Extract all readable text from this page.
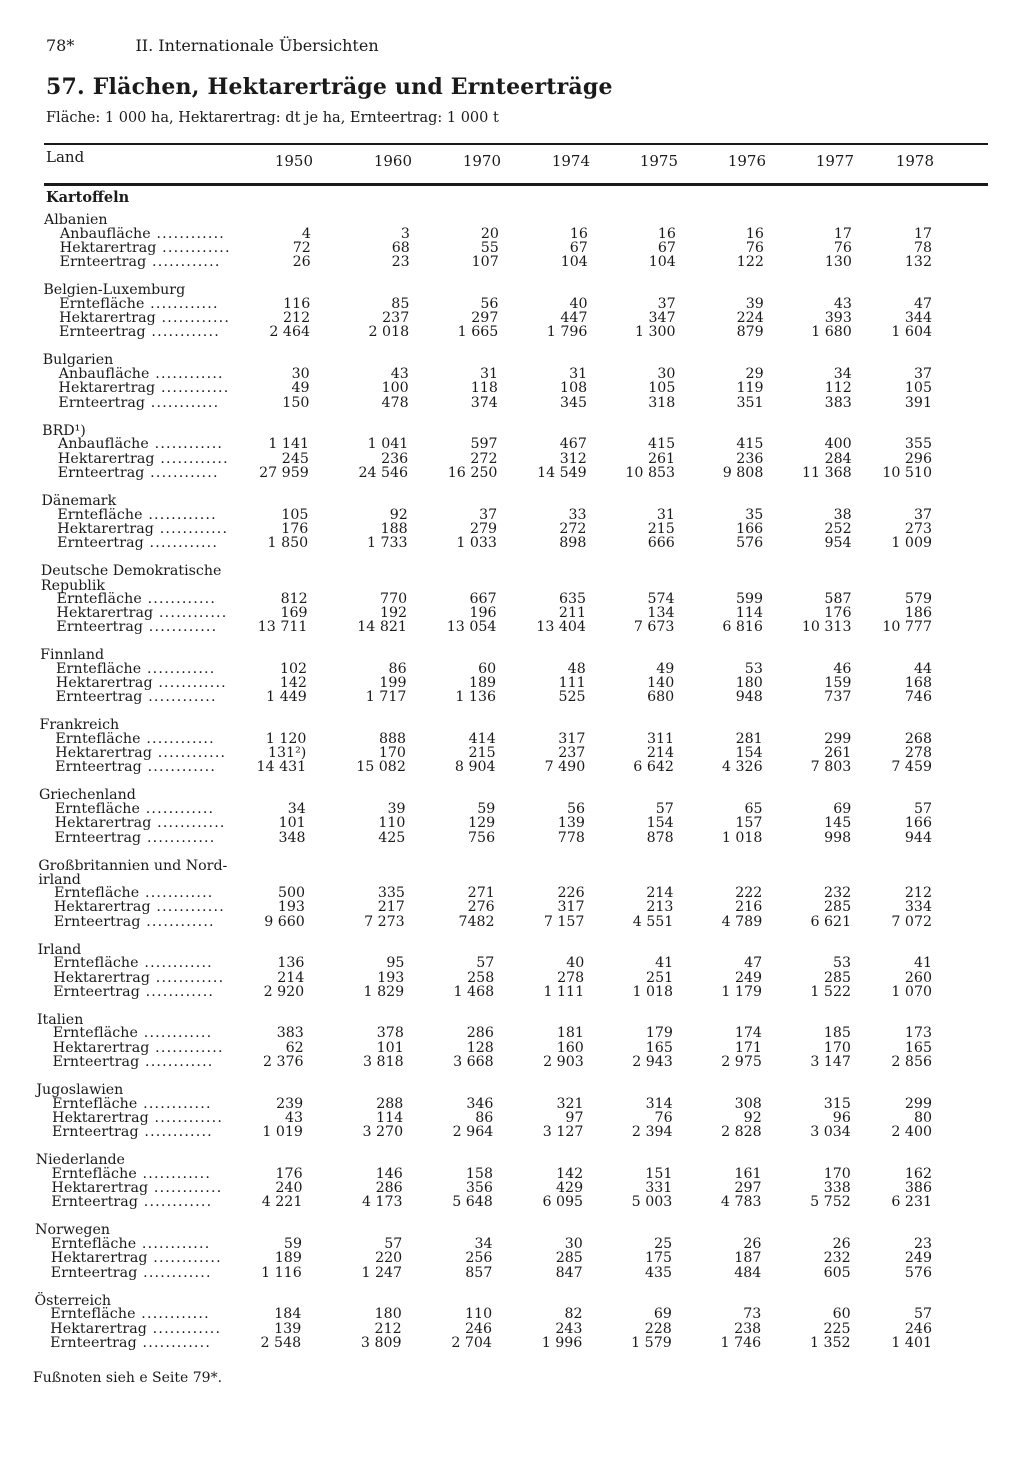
78*	II. Internationale Übersichten
57. Flächen, Hektarerträge und Ernteerträge
Fläche: 1 000 ha, Hektarertrag: dt je ha, Ernteertrag: 1 000 t
Land	1950	1960	1970	1974	1975	1976	1977	1978
Kartoffeln
Albanien
Anbaufläche ............	4	3	20	16	16	16	17	17
Hektarertrag ............	72	68	55	67	67	76	76	78
Ernteertrag ............	26	23	107	104	104	122	130	132
Belgien-Luxemburg
Erntefläche ............	116	85	56	40	37	39	43	47
Hektarertrag ............	212	237	297	447	347	224	393	344
Ernteertrag ............	2 464	2 018	1 665	1 796	1 300	879	1 680	1 604
Bulgarien
Anbaufläche ............	30	43	31	31	30	29	34	37
Hektarertrag ............	49	100	118	108	105	119	112	105
Ernteertrag ............	150	478	374	345	318	351	383	391
BRD¹)
Anbaufläche ............	1 141	1 041	597	467	415	415	400	355
Hektarertrag ............	245	236	272	312	261	236	284	296
Ernteertrag ............	27 959	24 546	16 250	14 549	10 853	9 808	11 368	10 510
Dänemark
Erntefläche ............	105	92	37	33	31	35	38	37
Hektarertrag ............	176	188	279	272	215	166	252	273
Ernteertrag ............	1 850	1 733	1 033	898	666	576	954	1 009
Deutsche Demokratische
Republik
Erntefläche ............	812	770	667	635	574	599	587	579
Hektarertrag ............	169	192	196	211	134	114	176	186
Ernteertrag ............	13 711	14 821	13 054	13 404	7 673	6 816	10 313	10 777
Finnland
Erntefläche ............	102	86	60	48	49	53	46	44
Hektarertrag ............	142	199	189	111	140	180	159	168
Ernteertrag ............	1 449	1 717	1 136	525	680	948	737	746
Frankreich
Erntefläche ............	1 120	888	414	317	311	281	299	268
Hektarertrag ............	131²)	170	215	237	214	154	261	278
Ernteertrag ............	14 431	15 082	8 904	7 490	6 642	4 326	7 803	7 459
Griechenland
Erntefläche ............	34	39	59	56	57	65	69	57
Hektarertrag ............	101	110	129	139	154	157	145	166
Ernteertrag ............	348	425	756	778	878	1 018	998	944
Großbritannien und Nord-
irland
Erntefläche ............	500	335	271	226	214	222	232	212
Hektarertrag ............	193	217	276	317	213	216	285	334
Ernteertrag ............	9 660	7 273	7482	7 157	4 551	4 789	6 621	7 072
Irland
Erntefläche ............	136	95	57	40	41	47	53	41
Hektarertrag ............	214	193	258	278	251	249	285	260
Ernteertrag ............	2 920	1 829	1 468	1 111	1 018	1 179	1 522	1 070
Italien
Erntefläche ............	383	378	286	181	179	174	185	173
Hektarertrag ............	62	101	128	160	165	171	170	165
Ernteertrag ............	2 376	3 818	3 668	2 903	2 943	2 975	3 147	2 856
Jugoslawien
Erntefläche ............	239	288	346	321	314	308	315	299
Hektarertrag ............	43	114	86	97	76	92	96	80
Ernteertrag ............	1 019	3 270	2 964	3 127	2 394	2 828	3 034	2 400
Niederlande
Erntefläche ............	176	146	158	142	151	161	170	162
Hektarertrag ............	240	286	356	429	331	297	338	386
Ernteertrag ............	4 221	4 173	5 648	6 095	5 003	4 783	5 752	6 231
Norwegen
Erntefläche ............	59	57	34	30	25	26	26	23
Hektarertrag ............	189	220	256	285	175	187	232	249
Ernteertrag ............	1 116	1 247	857	847	435	484	605	576
Österreich
Erntefläche ............	184	180	110	82	69	73	60	57
Hektarertrag ............	139	212	246	243	228	238	225	246
Ernteertrag ............	2 548	3 809	2 704	1 996	1 579	1 746	1 352	1 401
Fußnoten sieh e Seite 79*.
